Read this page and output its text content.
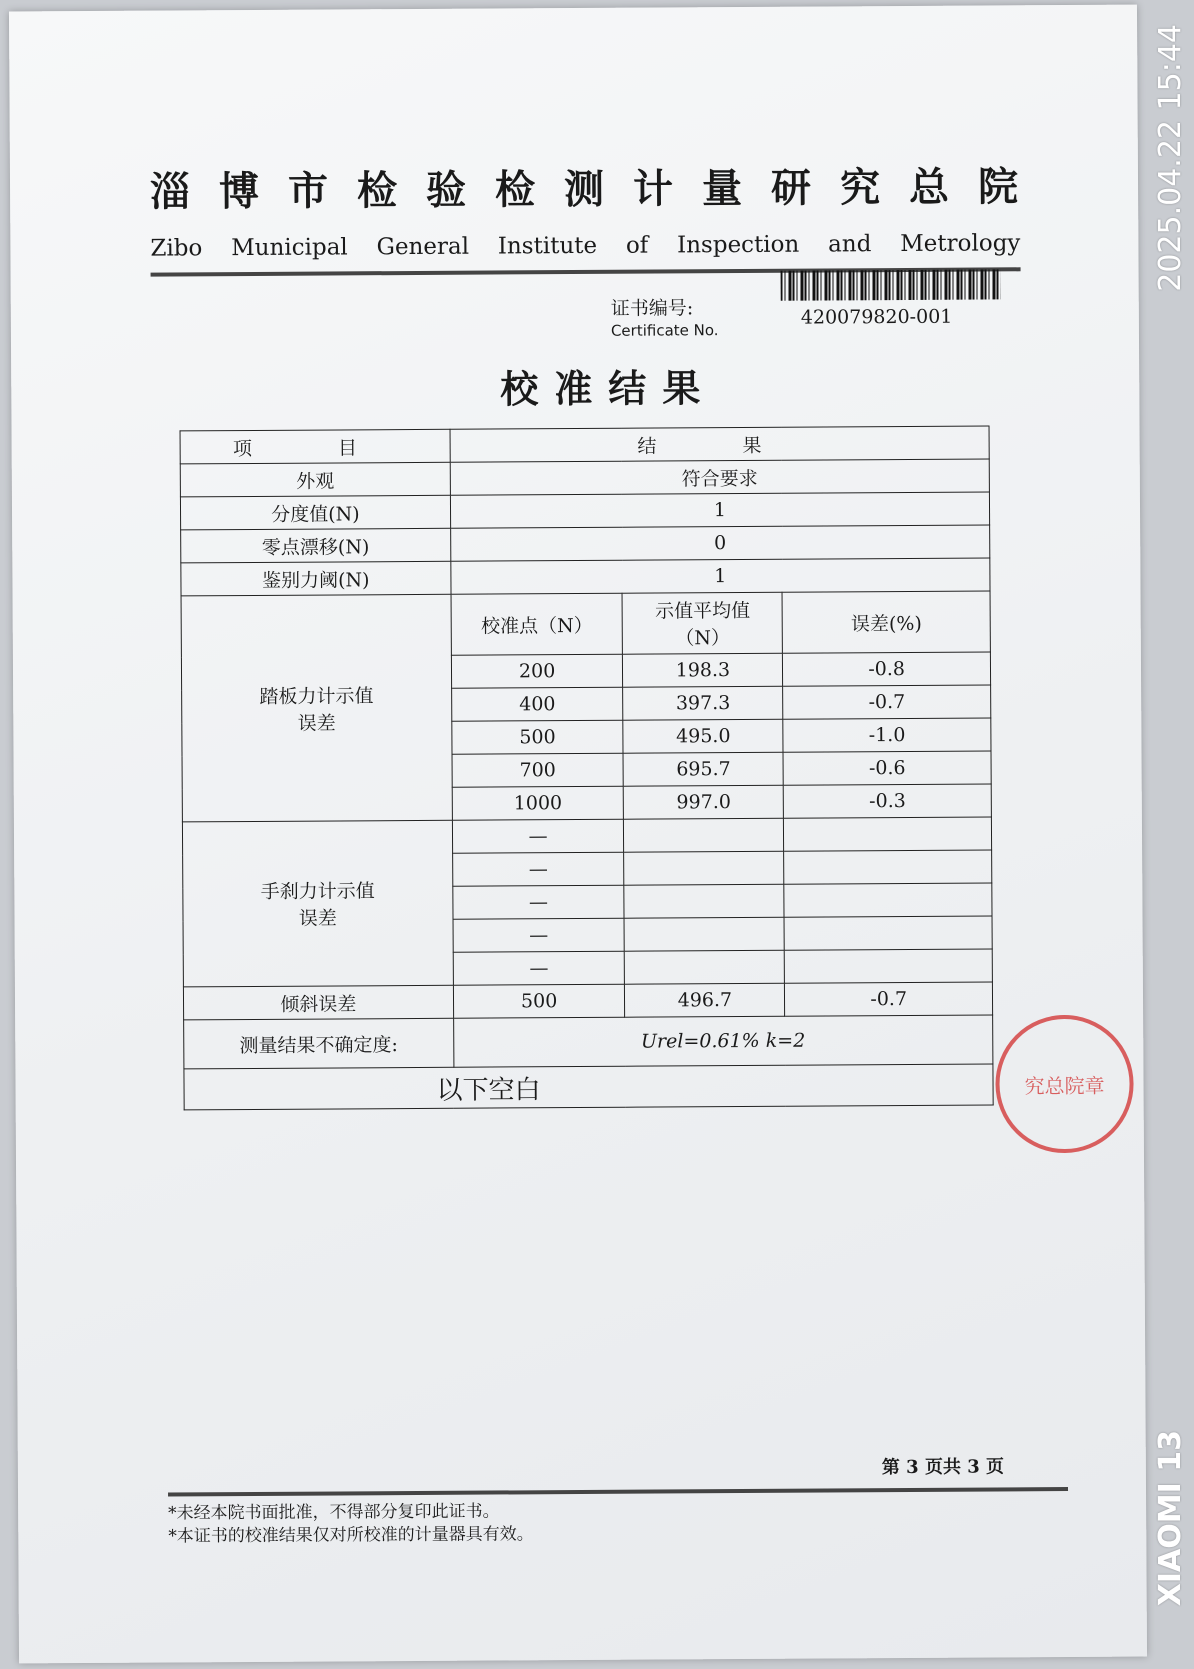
淄 博 市 检 验 检 测 计 量 研 究 总 院
Zibo Municipal General Institute of Inspection and Metrology
证书编号:
Certificate No.
420079820-001
校准结果
项 目	结 果		
外观	符合要求		
分度值(N)	1		
零点漂移(N)	0		
鉴别力阈(N)	1		
踏板力计示值误差	校准点（N）	示值平均值（N）	误差(%)
	200	198.3	-0.8
	400	397.3	-0.7
	500	495.0	-1.0
	700	695.7	-0.6
	1000	997.0	-0.3
手刹力计示值误差	—		
	—		
	—		
	—		
	—		
倾斜误差	500	496.7	-0.7
测量结果不确定度:	Urel=0.61% k=2		
以下空白				究总院章
第 3 页共 3 页
*未经本院书面批准，不得部分复印此证书。
*本证书的校准结果仅对所校准的计量器具有效。
2025.04.22 15:44
XIAOMI 13
